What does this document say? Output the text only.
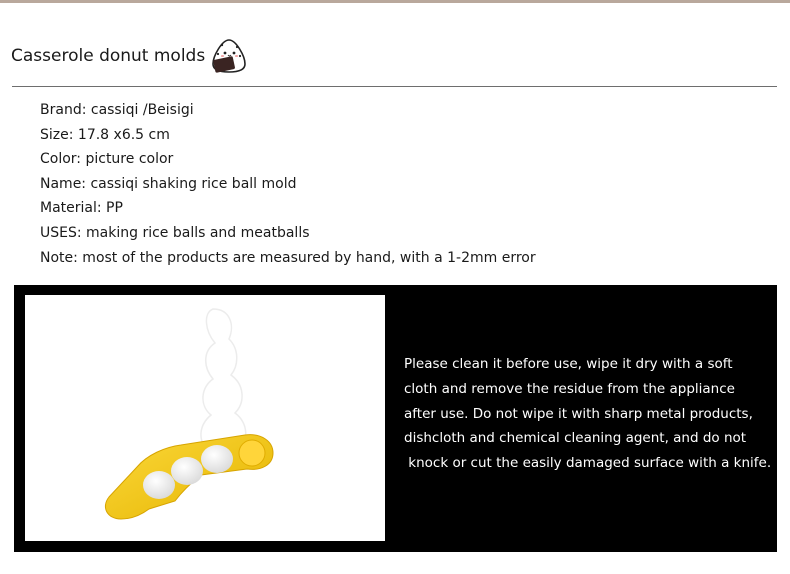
Casserole donut molds
Brand: cassiqi /Beisigi
Size: 17.8 x6.5 cm
Color: picture color
Name: cassiqi shaking rice ball mold
Material: PP
USES: making rice balls and meatballs
Note: most of the products are measured by hand, with a 1-2mm error
Please clean it before use, wipe it dry with a soft
cloth and remove the residue from the appliance
after use. Do not wipe it with sharp metal products,
dishcloth and chemical cleaning agent, and do not
knock or cut the easily damaged surface with a knife.
